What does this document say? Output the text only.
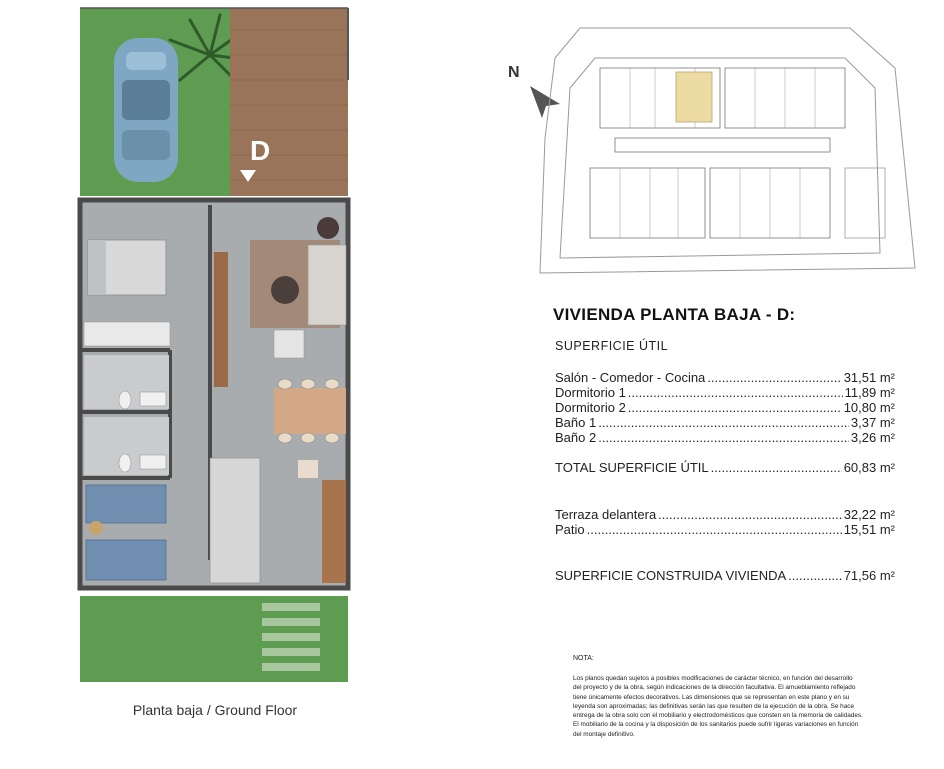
D
Planta baja / Ground Floor
N
VIVIENDA PLANTA BAJA - D:
SUPERFICIE ÚTIL
Salón - Comedor - Cocina .....	31,51 m²
Dormitorio 1 .....	11,89 m²
Dormitorio 2 .....	10,80 m²
Baño 1 .....	3,37 m²
Baño 2 .....	3,26 m²
TOTAL SUPERFICIE ÚTIL .....	60,83 m²
Terraza delantera .....	32,22 m²
Patio .....	15,51 m²
SUPERFICIE CONSTRUIDA VIVIENDA .....	71,56 m²
NOTA:
Los planos quedan sujetos a posibles modificaciones de carácter técnico, en función del desarrollo
del proyecto y de la obra, según indicaciones de la dirección facultativa. El amueblamiento reflejado
tiene únicamente efectos decorativos. Las dimensiones que se representan en este plano y en su
leyenda son aproximadas; las definitivas serán las que resulten de la ejecución de la obra. Se hace
entrega de la obra solo con el mobiliario y electrodomésticos que consten en la memoria de calidades.
El mobiliario de la cocina y la disposición de los sanitarios puede sufrir ligeras variaciones en función
del montaje definitivo.
